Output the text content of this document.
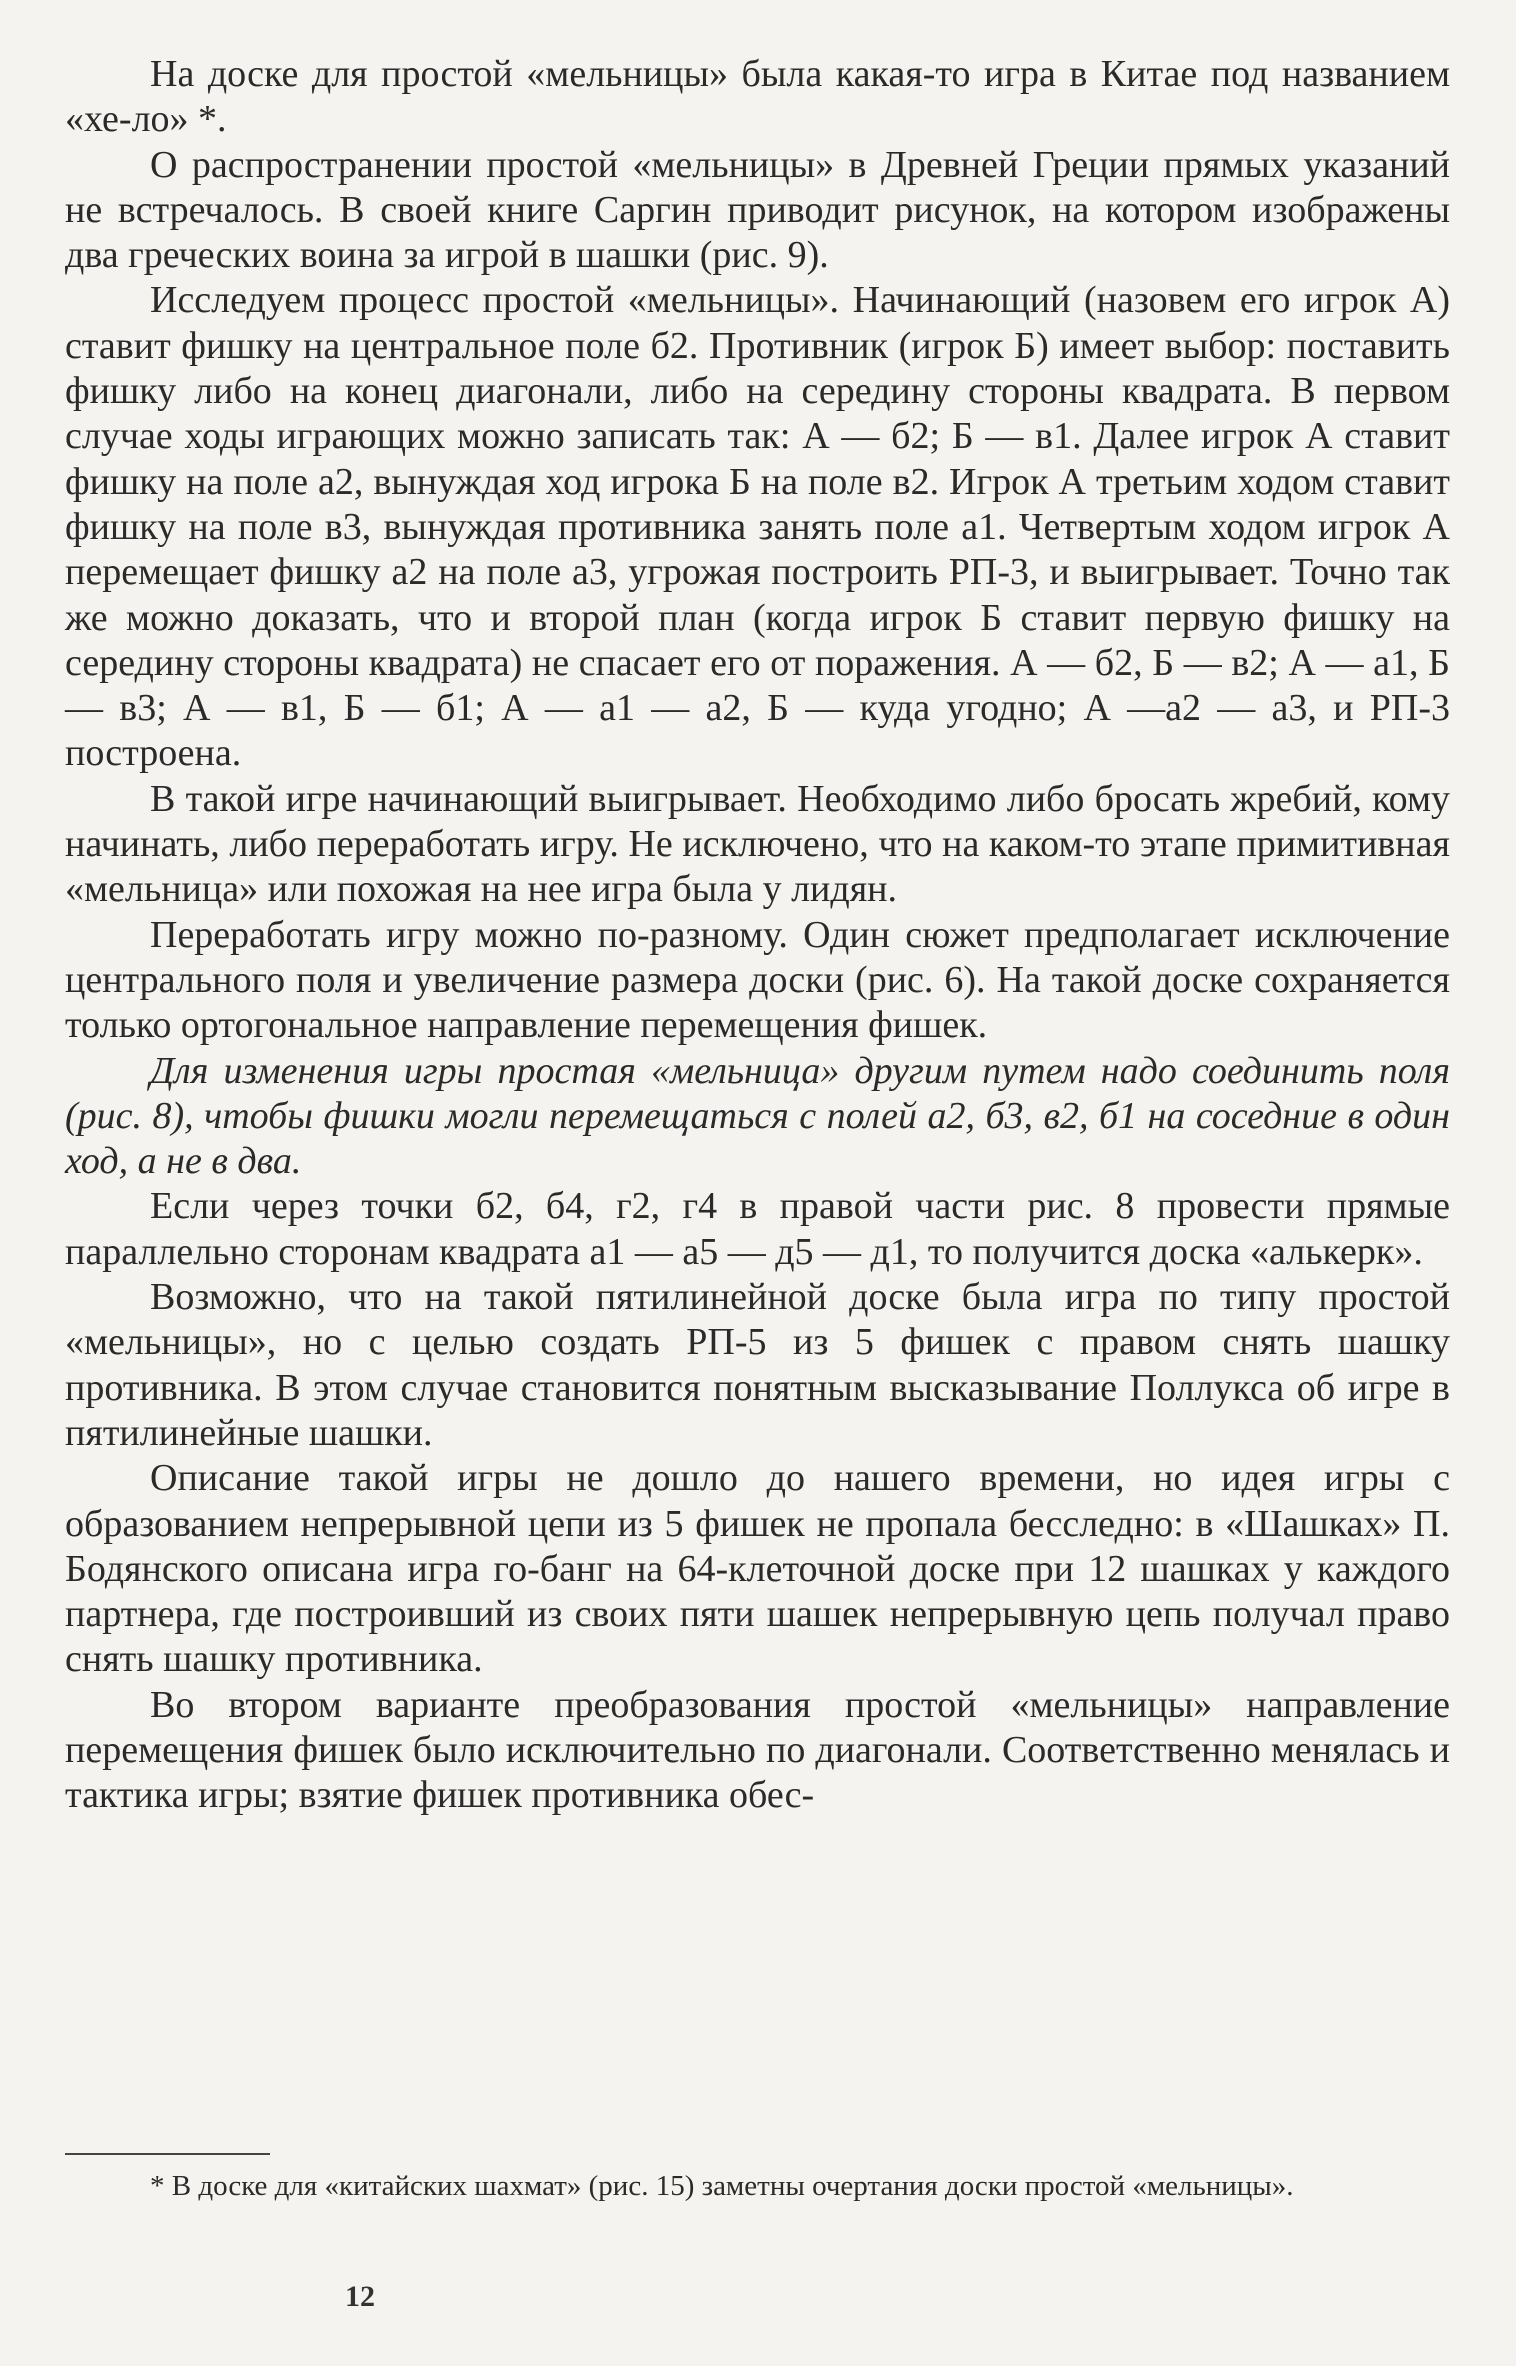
На доске для простой «мельницы» была какая-то игра в Китае под названием «хе-ло» *.

О распространении простой «мельницы» в Древней Греции прямых указаний не встречалось. В своей книге Саргин приводит рисунок, на котором изображены два греческих воина за игрой в шашки (рис. 9).

Исследуем процесс простой «мельницы». Начинающий (назовем его игрок А) ставит фишку на центральное поле б2. Противник (игрок Б) имеет выбор: поставить фишку либо на конец диагонали, либо на середину стороны квадрата. В первом случае ходы играющих можно записать так: А — б2; Б — в1. Далее игрок А ставит фишку на поле а2, вынуждая ход игрока Б на поле в2. Игрок А третьим ходом ставит фишку на поле в3, вынуждая противника занять поле а1. Четвертым ходом игрок А перемещает фишку а2 на поле а3, угрожая построить РП-3, и выигрывает. Точно так же можно доказать, что и второй план (когда игрок Б ставит первую фишку на середину стороны квадрата) не спасает его от поражения. А — б2, Б — в2; А — а1, Б — в3; А — в1, Б — б1; А — а1 — а2, Б — куда угодно; А —а2 — а3, и РП-3 построена.

В такой игре начинающий выигрывает. Необходимо либо бросать жребий, кому начинать, либо переработать игру. Не исключено, что на каком-то этапе примитивная «мельница» или похожая на нее игра была у лидян.

Переработать игру можно по-разному. Один сюжет предполагает исключение центрального поля и увеличение размера доски (рис. 6). На такой доске сохраняется только ортогональное направление перемещения фишек.

Для изменения игры простая «мельница» другим путем надо соединить поля (рис. 8), чтобы фишки могли перемещаться с полей а2, б3, в2, б1 на соседние в один ход, а не в два.

Если через точки б2, б4, г2, г4 в правой части рис. 8 провести прямые параллельно сторонам квадрата а1 — а5 — д5 — д1, то получится доска «алькерк».

Возможно, что на такой пятилинейной доске была игра по типу простой «мельницы», но с целью создать РП-5 из 5 фишек с правом снять шашку противника. В этом случае становится понятным высказывание Поллукса об игре в пятилинейные шашки.

Описание такой игры не дошло до нашего времени, но идея игры с образованием непрерывной цепи из 5 фишек не пропала бесследно: в «Шашках» П. Бодянского описана игра го-банг на 64-клеточной доске при 12 шашках у каждого партнера, где построивший из своих пяти шашек непрерывную цепь получал право снять шашку противника.

Во втором варианте преобразования простой «мельницы» направление перемещения фишек было исключительно по диагонали. Соответственно менялась и тактика игры; взятие фишек противника обес-

* В доске для «китайских шахмат» (рис. 15) заметны очертания доски простой «мельницы».
12
